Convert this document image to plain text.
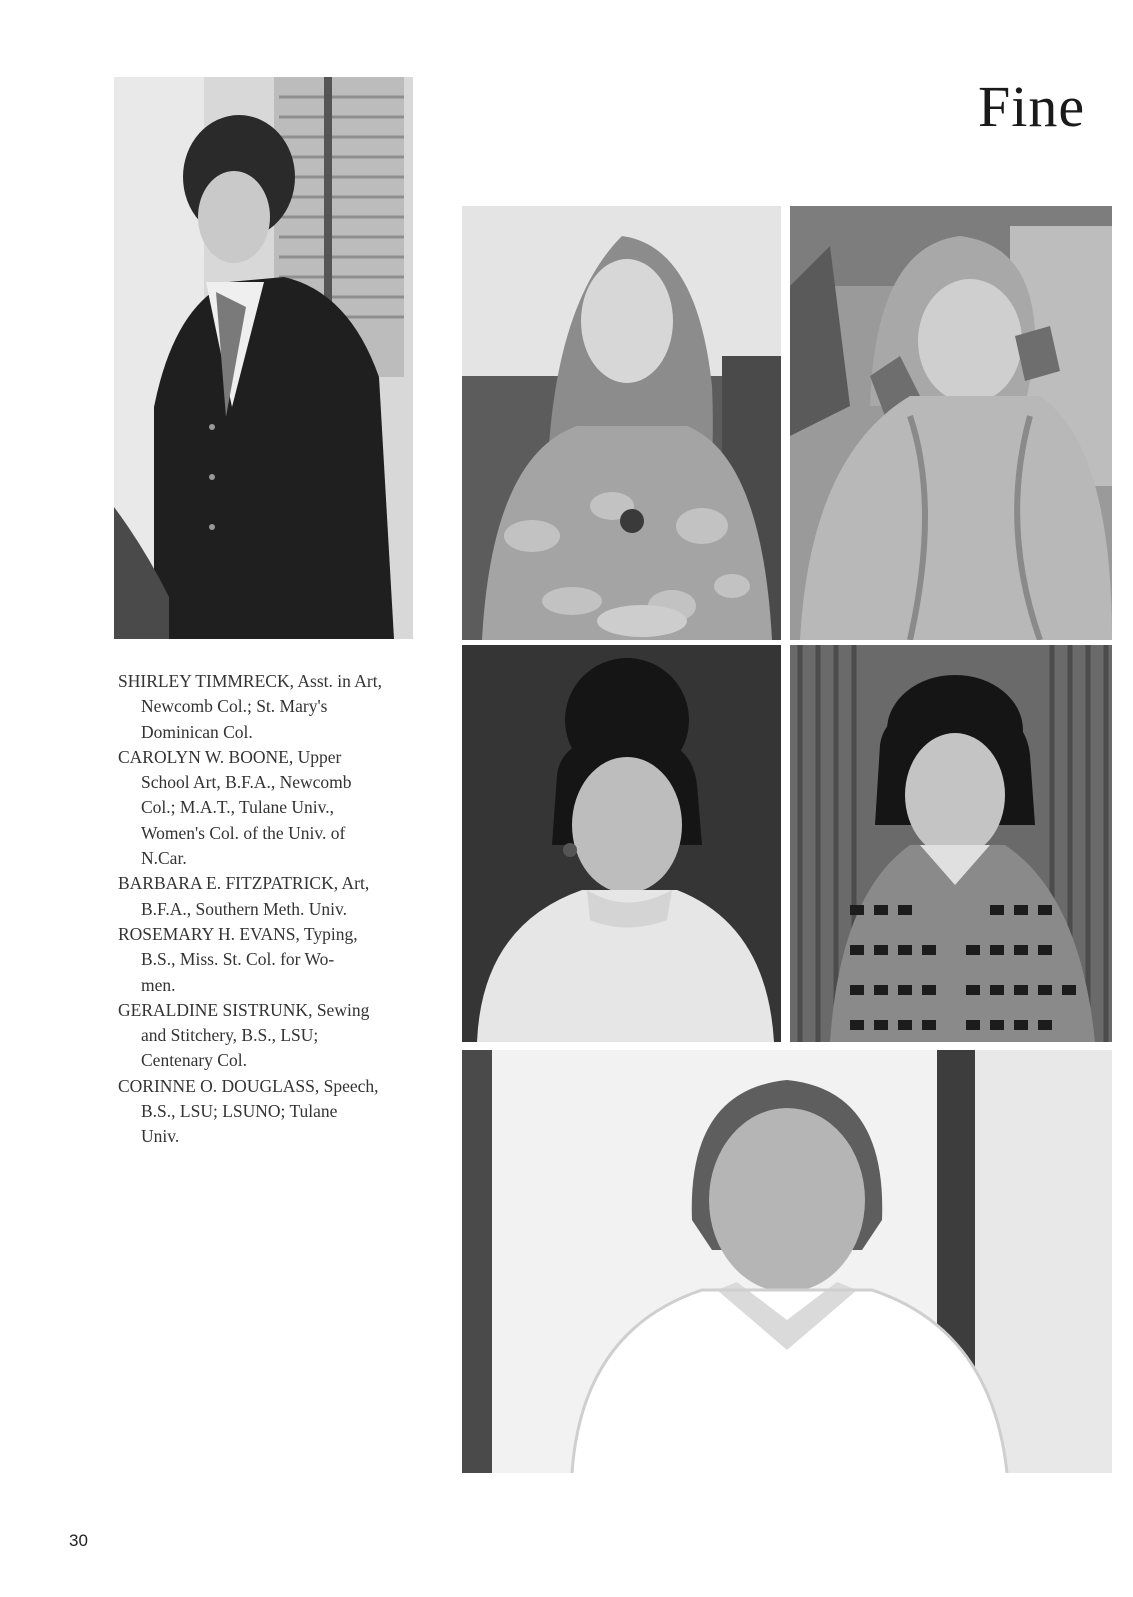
Fine

SHIRLEY TIMMRECK, Asst. in Art,
Newcomb Col.; St. Mary's
Dominican Col.

CAROLYN W. BOONE, Upper
School Art, B.F.A., Newcomb
Col.; M.A.T., Tulane Univ.,
Women's Col. of the Univ. of
N.Car.

BARBARA E. FITZPATRICK, Art,
B.F.A., Southern Meth. Univ.

ROSEMARY H. EVANS, Typing,
B.S., Miss. St. Col. for Wo-
men.

GERALDINE SISTRUNK, Sewing
and Stitchery, B.S., LSU;
Centenary Col.

CORINNE O. DOUGLASS, Speech,
B.S., LSU; LSUNO; Tulane
Univ.

30
